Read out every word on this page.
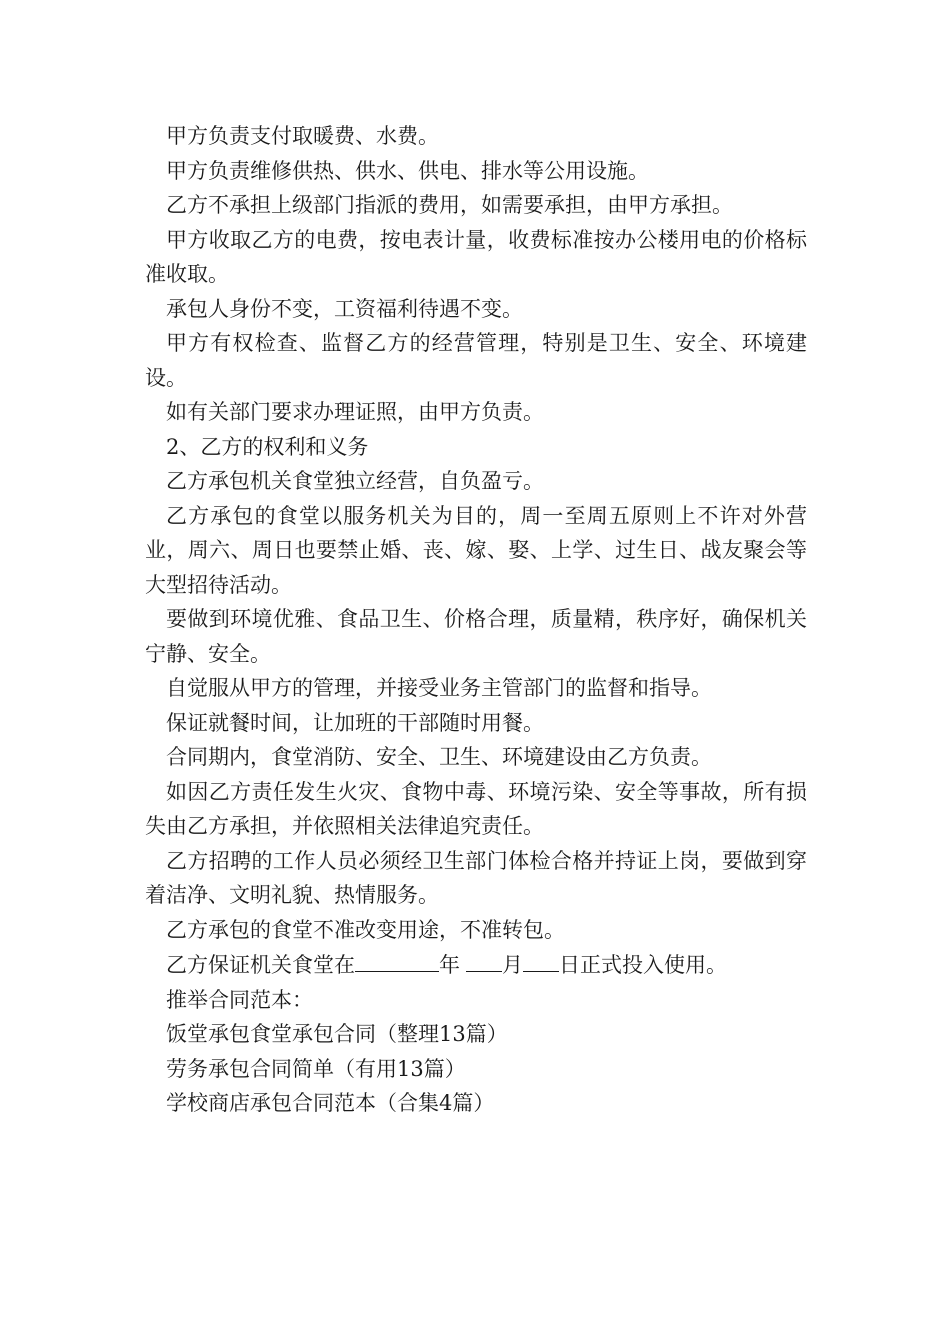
甲方负责支付取暖费、水费。

甲方负责维修供热、供水、供电、排水等公用设施。

乙方不承担上级部门指派的费用，如需要承担，由甲方承担。

甲方收取乙方的电费，按电表计量，收费标准按办公楼用电的价格标准收取。

承包人身份不变，工资福利待遇不变。

甲方有权检查、监督乙方的经营管理，特别是卫生、安全、环境建设。

如有关部门要求办理证照，由甲方负责。

2、乙方的权利和义务

乙方承包机关食堂独立经营，自负盈亏。

乙方承包的食堂以服务机关为目的，周一至周五原则上不许对外营业，周六、周日也要禁止婚、丧、嫁、娶、上学、过生日、战友聚会等大型招待活动。

要做到环境优雅、食品卫生、价格合理，质量精，秩序好，确保机关宁静、安全。

自觉服从甲方的管理，并接受业务主管部门的监督和指导。

保证就餐时间，让加班的干部随时用餐。

合同期内，食堂消防、安全、卫生、环境建设由乙方负责。

如因乙方责任发生火灾、食物中毒、环境污染、安全等事故，所有损失由乙方承担，并依照相关法律追究责任。

乙方招聘的工作人员必须经卫生部门体检合格并持证上岗，要做到穿着洁净、文明礼貌、热情服务。

乙方承包的食堂不准改变用途，不准转包。

乙方保证机关食堂在	年 月 日正式投入使用。

推举合同范本：

饭堂承包食堂承包合同（整理13篇）

劳务承包合同简单（有用13篇）

学校商店承包合同范本（合集4篇）
